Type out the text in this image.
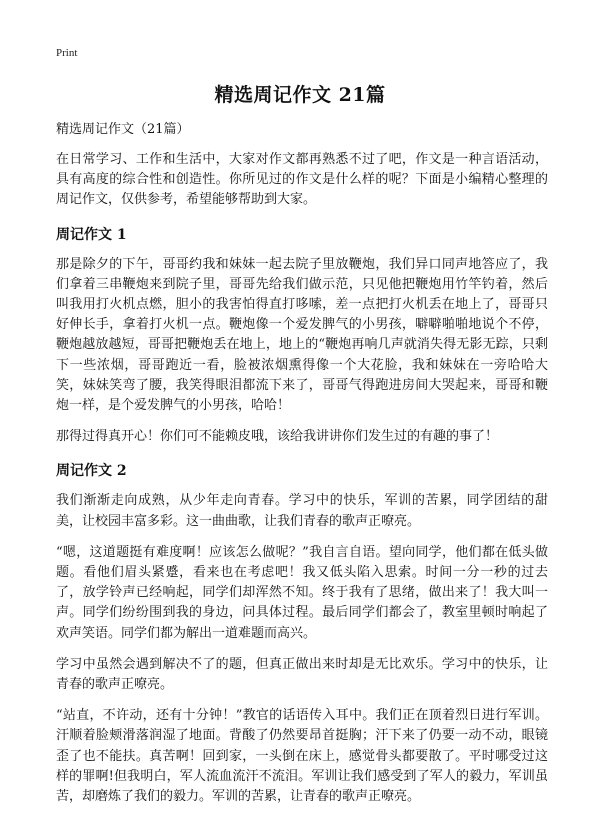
Print
精选周记作文 21篇
精选周记作文（21篇）

在日常学习、工作和生活中，大家对作文都再熟悉不过了吧，作文是一种言语活动，具有高度的综合性和创造性。你所见过的作文是什么样的呢？下面是小编精心整理的周记作文，仅供参考，希望能够帮助到大家。

周记作文 1

那是除夕的下午，哥哥约我和妹妹一起去院子里放鞭炮，我们异口同声地答应了，我们拿着三串鞭炮来到院子里，哥哥先给我们做示范，只见他把鞭炮用竹竿钓着，然后叫我用打火机点燃，胆小的我害怕得直打哆嗦，差一点把打火机丢在地上了，哥哥只好伸长手，拿着打火机一点。鞭炮像一个爱发脾气的小男孩，噼噼啪啪地说个不停，鞭炮越放越短，哥哥把鞭炮丢在地上，地上的“鞭炮再响几声就消失得无影无踪，只剩下一些浓烟，哥哥跑近一看，脸被浓烟熏得像一个大花脸，我和妹妹在一旁哈哈大笑，妹妹笑弯了腰，我笑得眼泪都流下来了，哥哥气得跑进房间大哭起来，哥哥和鞭炮一样，是个爱发脾气的小男孩，哈哈！

那得过得真开心！你们可不能赖皮哦，该给我讲讲你们发生过的有趣的事了！

周记作文 2

我们渐渐走向成熟，从少年走向青春。学习中的快乐，军训的苦累，同学团结的甜美，让校园丰富多彩。这一曲曲歌，让我们青春的歌声正嘹亮。

“嗯，这道题挺有难度啊！应该怎么做呢？”我自言自语。望向同学，他们都在低头做题。看他们眉头紧蹙，看来也在考虑吧！我又低头陷入思索。时间一分一秒的过去了，放学铃声已经响起，同学们却浑然不知。终于我有了思绪，做出来了！我大叫一声。同学们纷纷围到我的身边，问具体过程。最后同学们都会了，教室里顿时响起了欢声笑语。同学们都为解出一道难题而高兴。

学习中虽然会遇到解决不了的题，但真正做出来时却是无比欢乐。学习中的快乐，让青春的歌声正嘹亮。

“站直，不许动，还有十分钟！”教官的话语传入耳中。我们正在顶着烈日进行军训。汗顺着脸颊滑落润湿了地面。背酸了仍然要昂首挺胸；汗下来了仍要一动不动，眼镜歪了也不能扶。真苦啊！回到家，一头倒在床上，感觉骨头都要散了。平时哪受过这样的罪啊!但我明白，军人流血流汗不流泪。军训让我们感受到了军人的毅力，军训虽苦，却磨炼了我们的毅力。军训的苦累，让青春的歌声正嘹亮。
